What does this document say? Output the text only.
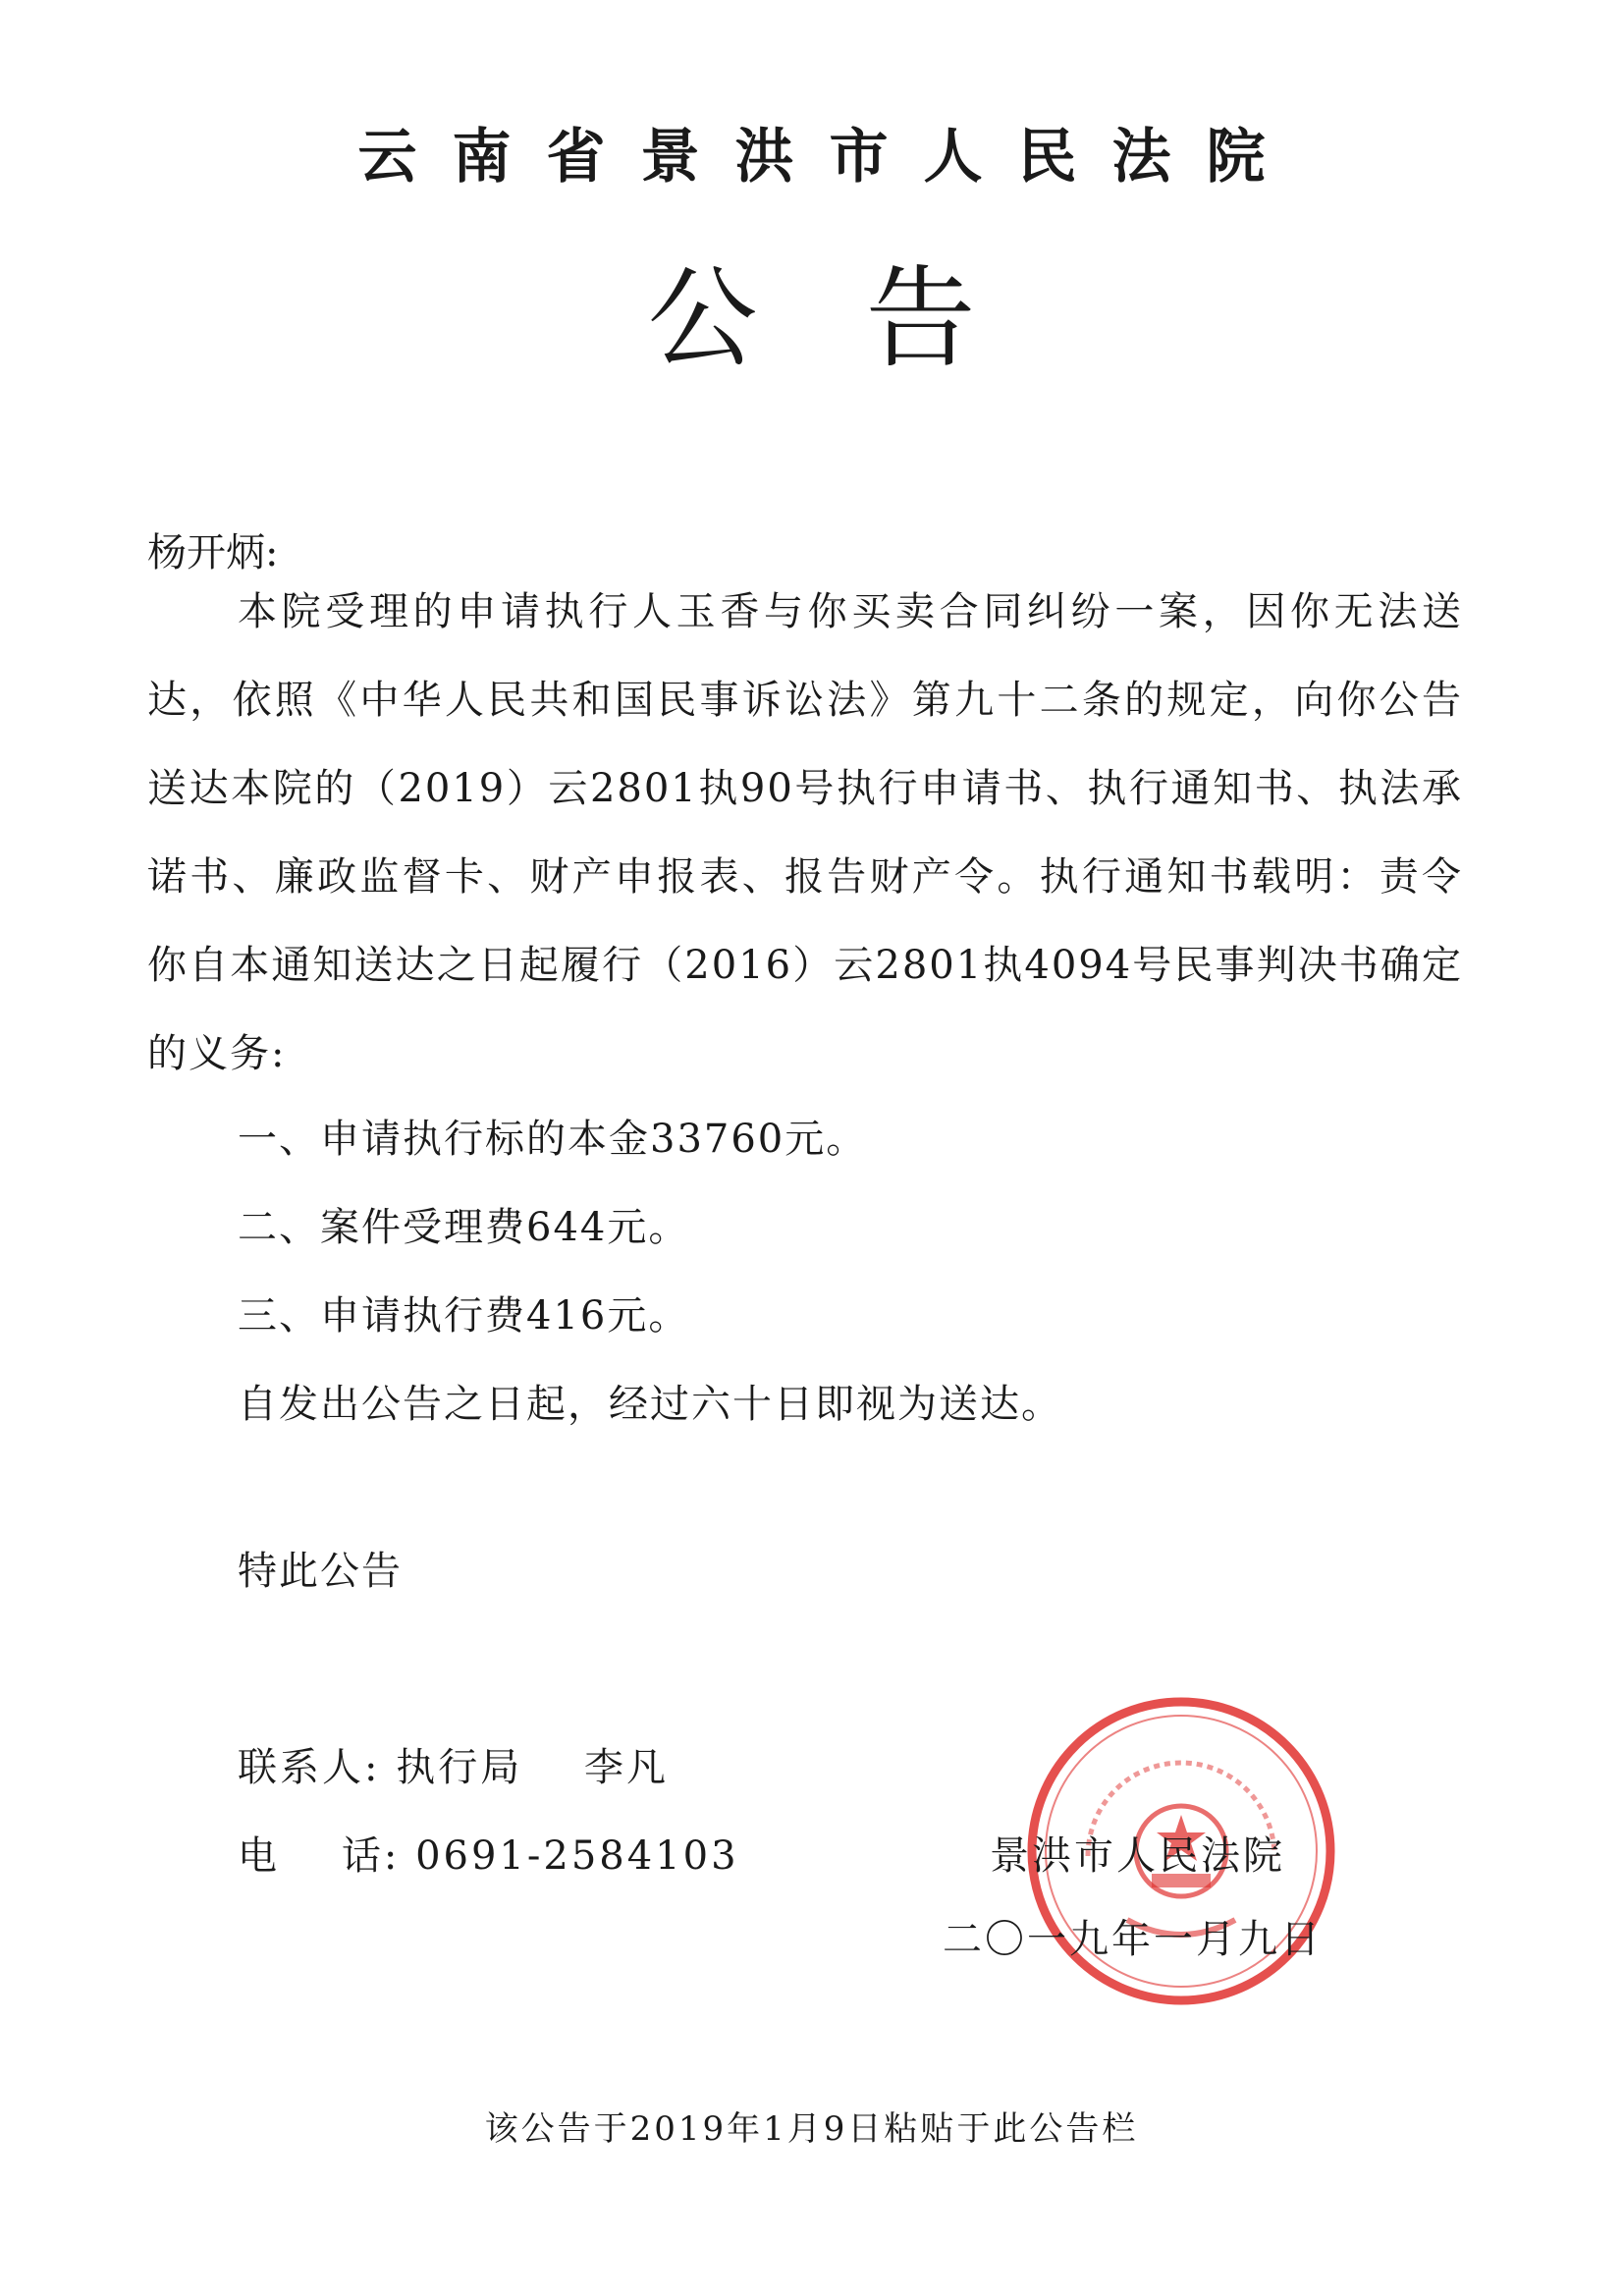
云南省景洪市人民法院
公告
杨开炳:
本院受理的申请执行人玉香与你买卖合同纠纷一案，因你无法送达，依照《中华人民共和国民事诉讼法》第九十二条的规定，向你公告送达本院的（2019）云2801执90号执行申请书、执行通知书、执法承诺书、廉政监督卡、财产申报表、报告财产令。执行通知书载明：责令你自本通知送达之日起履行（2016）云2801执4094号民事判决书确定的义务:
一、申请执行标的本金33760元。
二、案件受理费644元。
三、申请执行费416元。
自发出公告之日起，经过六十日即视为送达。
特此公告
联系人: 执行局    李凡
电    话: 0691-2584103	景洪市人民法院
二〇一九年一月九日
该公告于2019年1月9日粘贴于此公告栏
